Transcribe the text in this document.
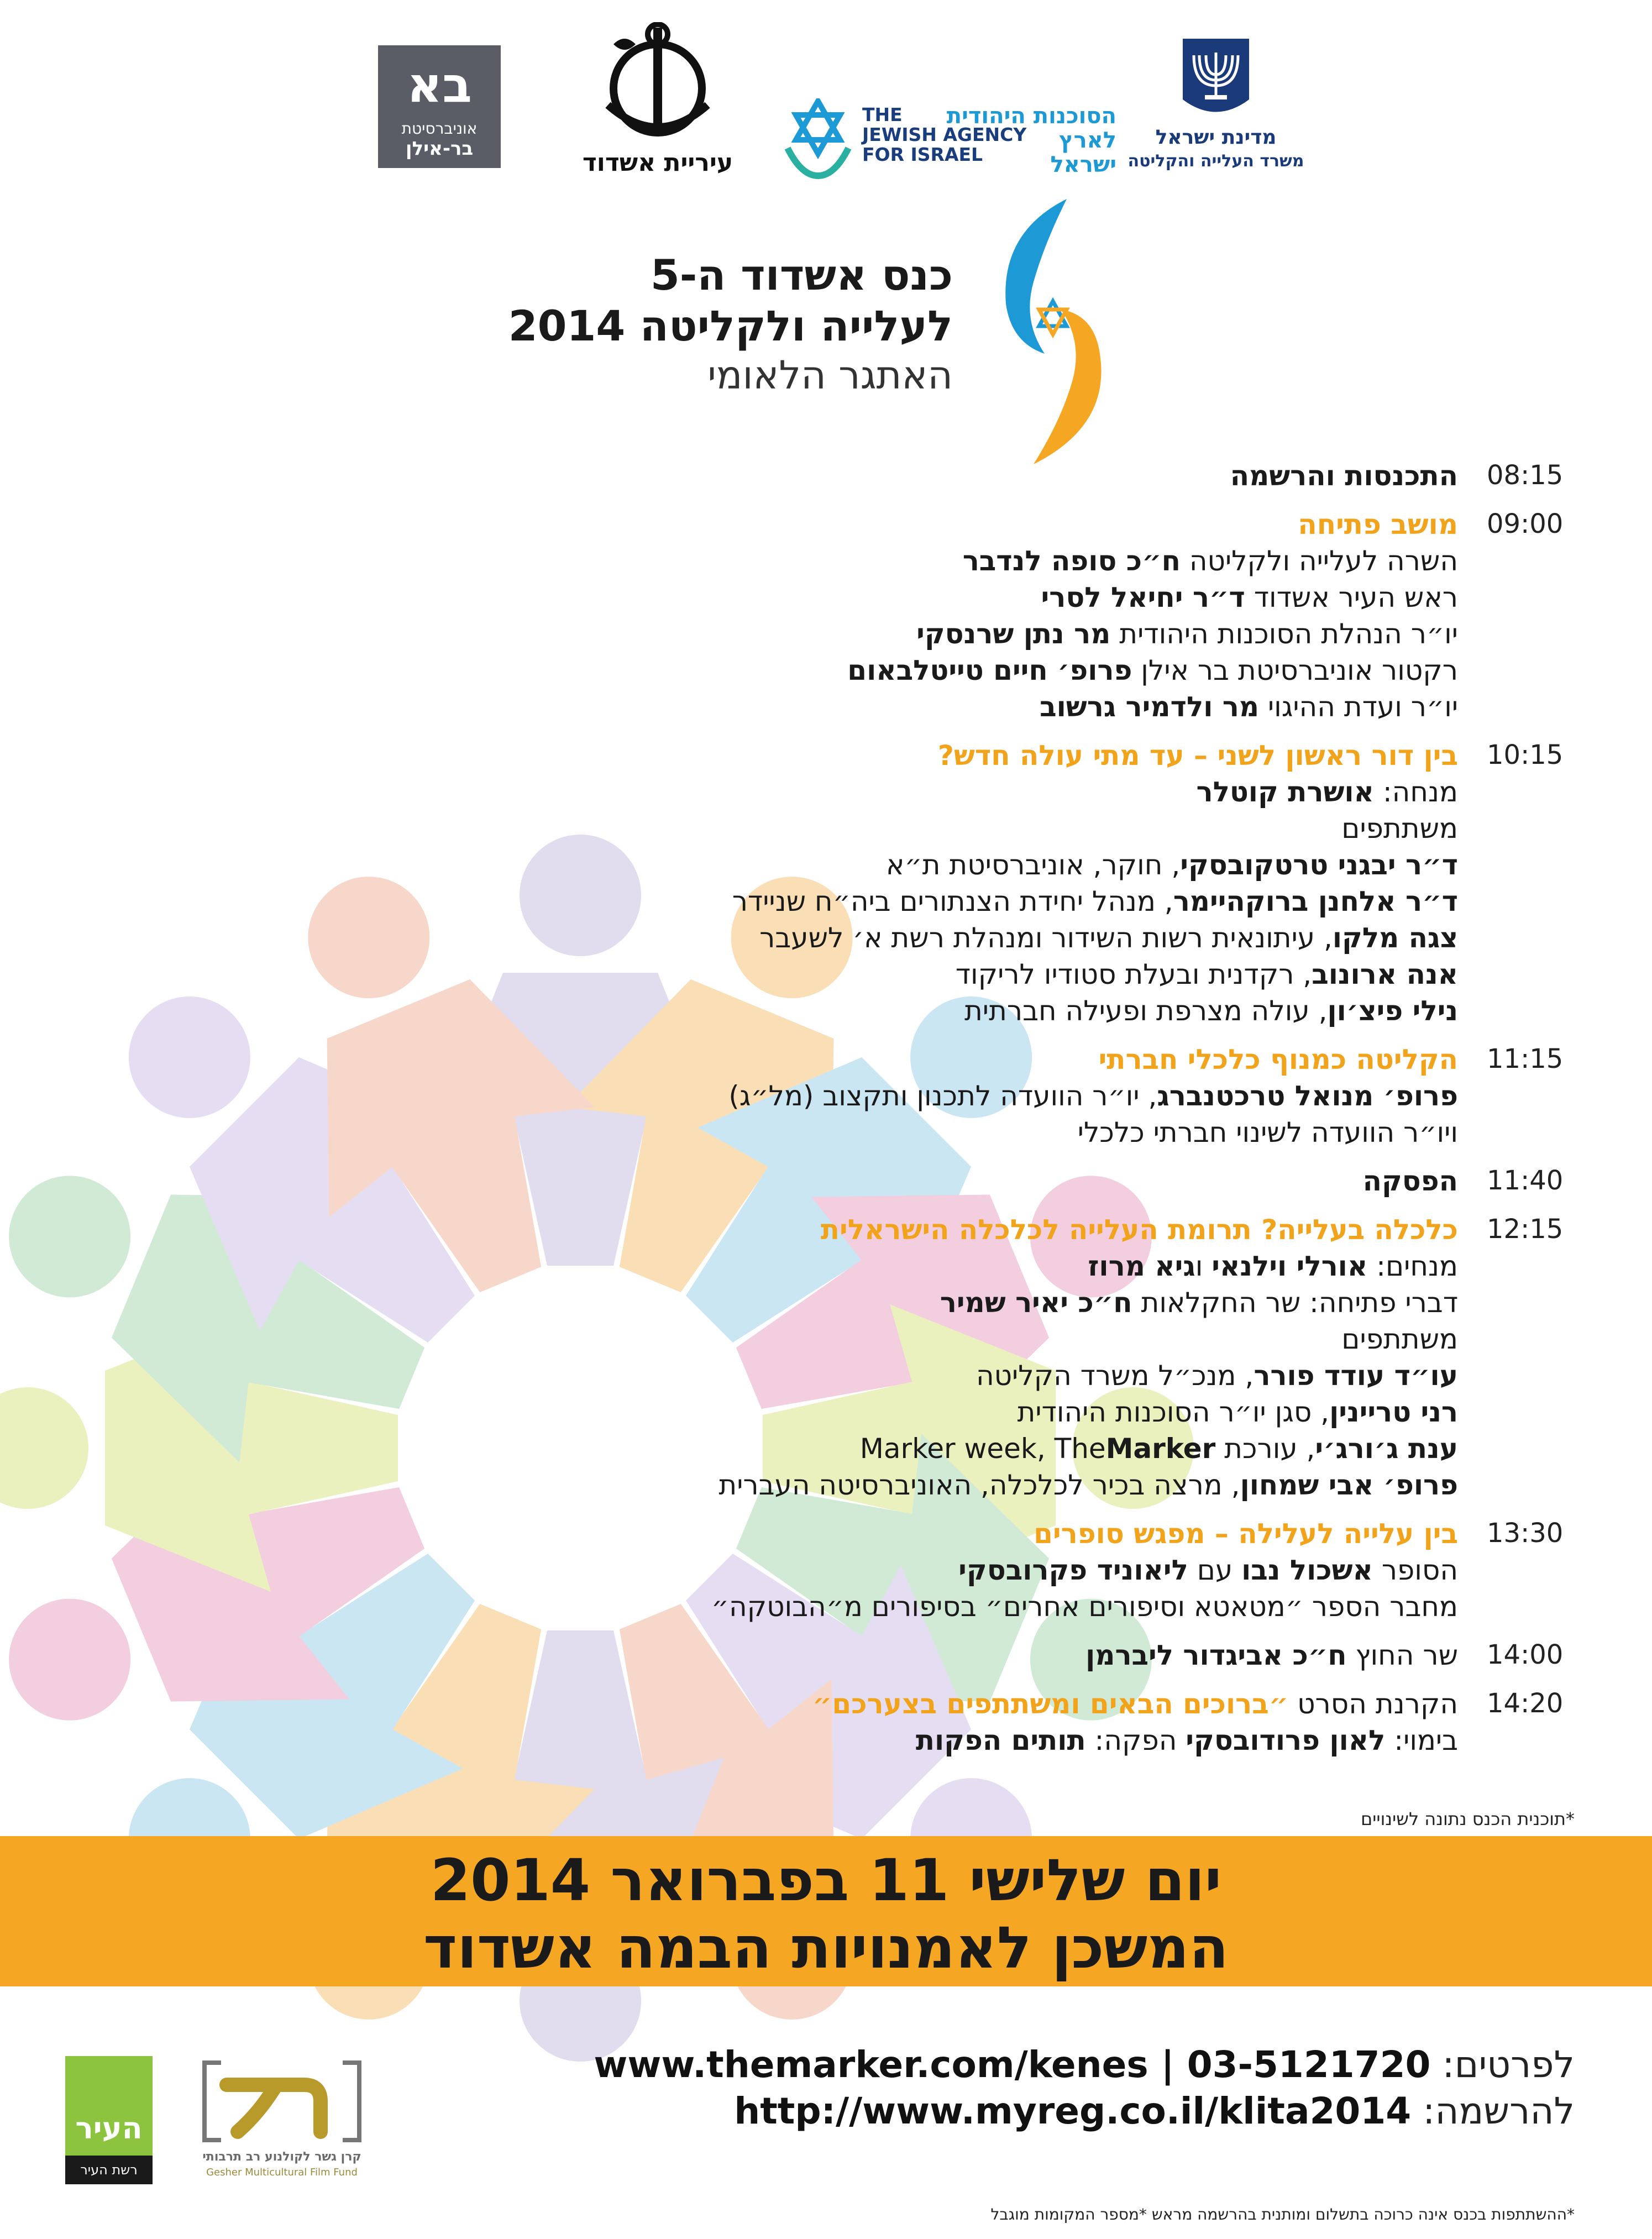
בא
אוניברסיטת
בר-אילן	עיריית אשדוד
THE
JEWISH AGENCY
FOR ISRAEL
הסוכנות היהודית
לארץ
ישראל
מדינת ישראל
משרד העלייה והקליטה
כנס אשדוד ה-5
לעלייה ולקליטה 2014
האתגר הלאומי
08:15
התכנסות והרשמה
09:00
מושב פתיחה
השרה לעלייה ולקליטה ח״כ סופה לנדבר
ראש העיר אשדוד ד״ר יחיאל לסרי
יו״ר הנהלת הסוכנות היהודית מר נתן שרנסקי
רקטור אוניברסיטת בר אילן פרופ׳ חיים טייטלבאום
יו״ר ועדת ההיגוי מר ולדמיר גרשוב
10:15
בין דור ראשון לשני – עד מתי עולה חדש?
מנחה: אושרת קוטלר
משתתפים
ד״ר יבגני טרטקובסקי, חוקר, אוניברסיטת ת״א
ד״ר אלחנן ברוקהיימר, מנהל יחידת הצנתורים ביה״ח שניידר
צגה מלקו, עיתונאית רשות השידור ומנהלת רשת א׳ לשעבר
אנה ארונוב, רקדנית ובעלת סטודיו לריקוד
נילי פיצ׳ון, עולה מצרפת ופעילה חברתית
11:15
הקליטה כמנוף כלכלי חברתי
פרופ׳ מנואל טרכטנברג, יו״ר הוועדה לתכנון ותקצוב (מל״ג)
ויו״ר הוועדה לשינוי חברתי כלכלי
11:40
הפסקה
12:15
כלכלה בעלייה? תרומת העלייה לכלכלה הישראלית
מנחים: אורלי וילנאי וגיא מרוז
דברי פתיחה: שר החקלאות ח״כ יאיר שמיר
משתתפים
עו״ד עודד פורר, מנכ״ל משרד הקליטה
רני טריינין, סגן יו״ר הסוכנות היהודית
ענת ג׳ורג׳י, עורכת Marker week, TheMarker
פרופ׳ אבי שמחון, מרצה בכיר לכלכלה, האוניברסיטה העברית
13:30
בין עלייה לעלילה – מפגש סופרים
הסופר אשכול נבו עם ליאוניד פקרובסקי
מחבר הספר ״מטאטא וסיפורים אחרים״ בסיפורים מ״הבוטקה״
14:00
שר החוץ ח״כ אביגדור ליברמן
14:20
הקרנת הסרט ״ברוכים הבאים ומשתתפים בצערכם״
בימוי: לאון פרודובסקי הפקה: תותים הפקות
*תוכנית הכנס נתונה לשינויים
יום שלישי 11 בפברואר 2014
המשכן לאמנויות הבמה אשדוד
לפרטים: www.themarker.com/kenes | 03-5121720
להרשמה: http://www.myreg.co.il/klita2014
העיר
רשת העיר
קרן גשר לקולנוע רב תרבותי
Gesher Multicultural Film Fund
*ההשתתפות בכנס אינה כרוכה בתשלום ומותנית בהרשמה מראש *מספר המקומות מוגבל
